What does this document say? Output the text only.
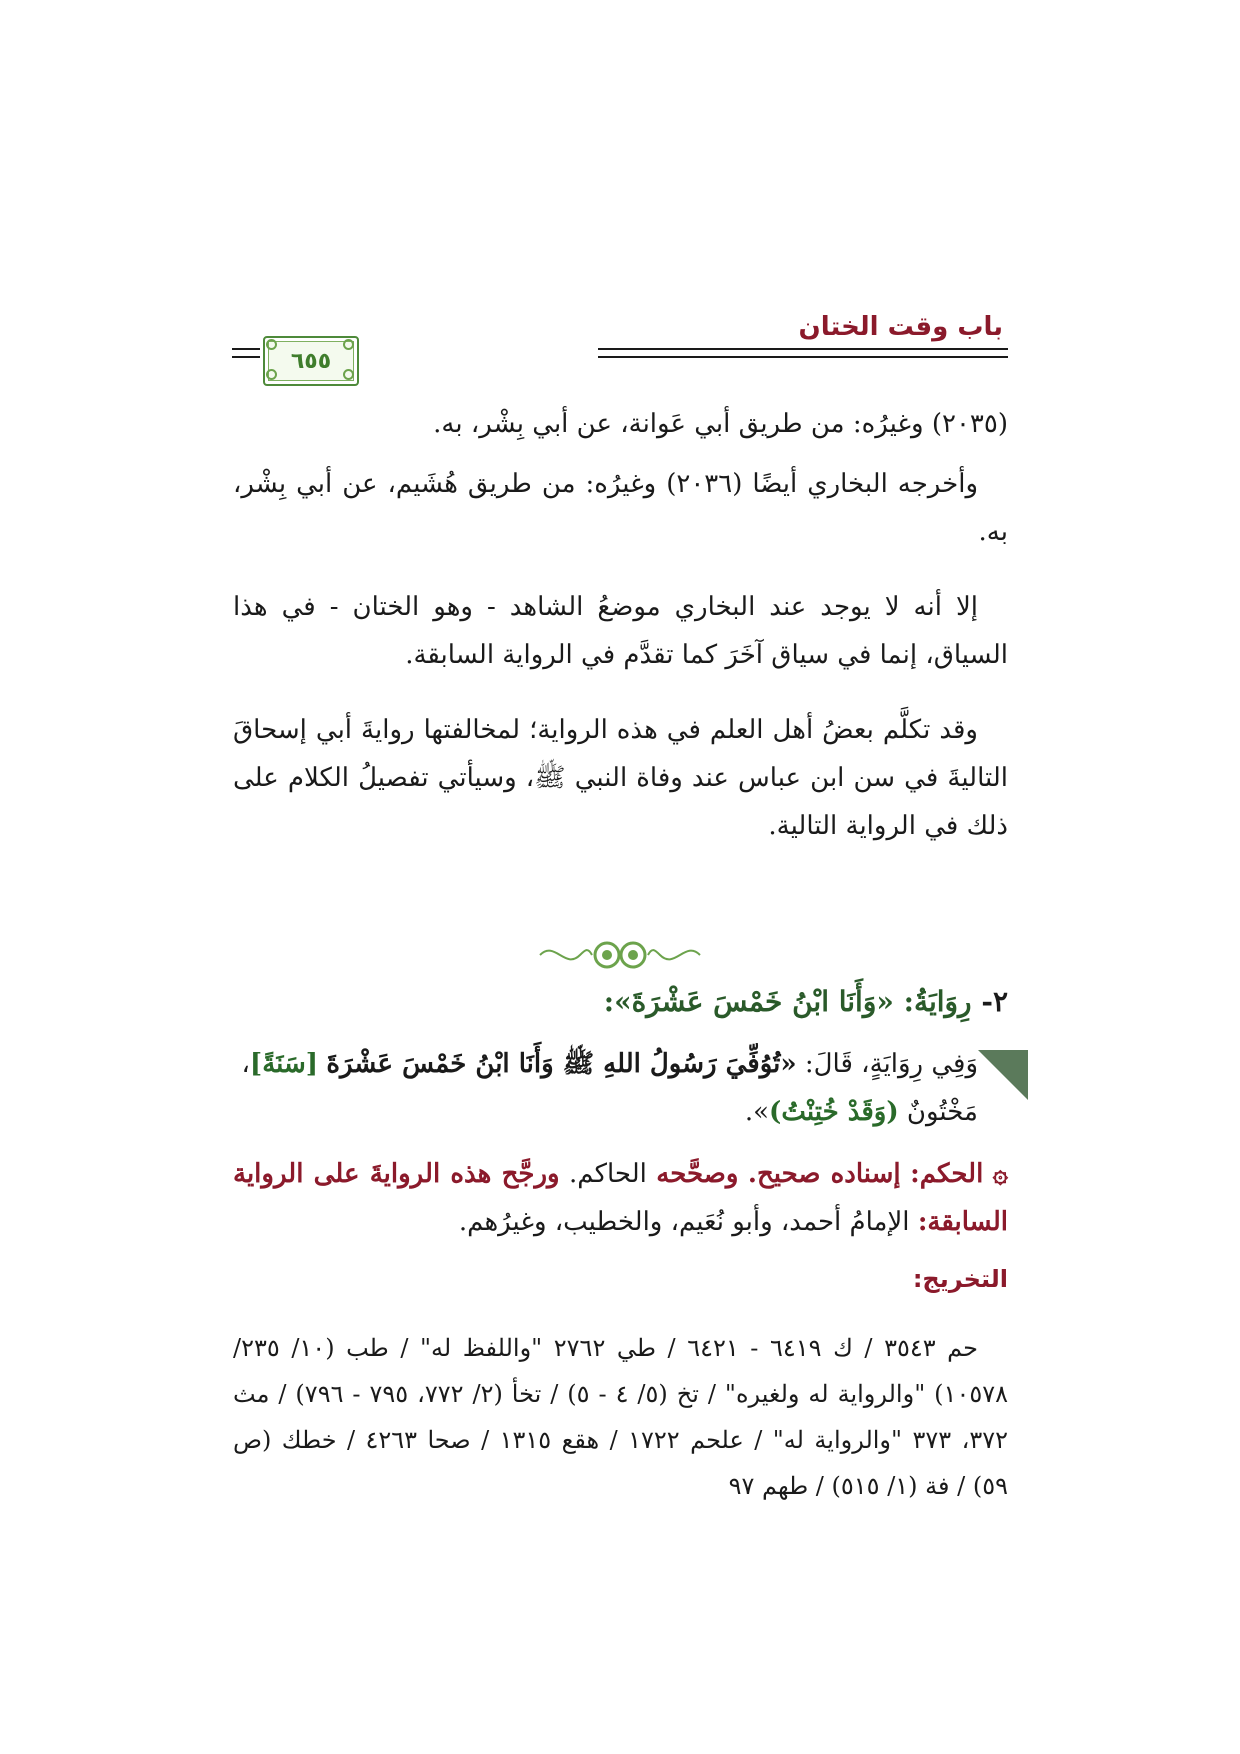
باب وقت الختان
٦٥٥

(٢٠٣٥) وغيرُه: من طريق أبي عَوانة، عن أبي بِشْر، به.

وأخرجه البخاري أيضًا (٢٠٣٦) وغيرُه: من طريق هُشَيم، عن أبي بِشْر، به.

إلا أنه لا يوجد عند البخاري موضعُ الشاهد - وهو الختان - في هذا السياق، إنما في سياق آخَرَ كما تقدَّم في الرواية السابقة.

وقد تكلَّم بعضُ أهل العلم في هذه الرواية؛ لمخالفتها روايةَ أبي إسحاقَ التاليةَ في سن ابن عباس عند وفاة النبي ﷺ، وسيأتي تفصيلُ الكلام على ذلك في الرواية التالية.

٢- رِوَايَةُ: «وَأَنَا ابْنُ خَمْسَ عَشْرَةَ»:

وَفِي رِوَايَةٍ، قَالَ: «تُوُفِّيَ رَسُولُ اللهِ ﷺ وَأَنَا ابْنُ خَمْسَ عَشْرَةَ [سَنَةً]، مَخْتُونٌ (وَقَدْ خُتِنْتُ)».

۞ الحكم: إسناده صحيح. وصحَّحه الحاكم. ورجَّح هذه الروايةَ على الرواية السابقة: الإمامُ أحمد، وأبو نُعَيم، والخطيب، وغيرُهم.

التخريج:

حم ٣٥٤٣ / ك ٦٤١٩ - ٦٤٢١ / طي ٢٧٦٢ "واللفظ له" / طب (١٠/ ٢٣٥/ ١٠٥٧٨) "والرواية له ولغيره" / تخ (٥/ ٤ - ٥) / تخأ (٢/ ٧٧٢، ٧٩٥ - ٧٩٦) / مث ٣٧٢، ٣٧٣ "والرواية له" / علحم ١٧٢٢ / هقع ١٣١٥ / صحا ٤٢٦٣ / خطك (ص ٥٩) / فة (١/ ٥١٥) / طهم ٩٧
